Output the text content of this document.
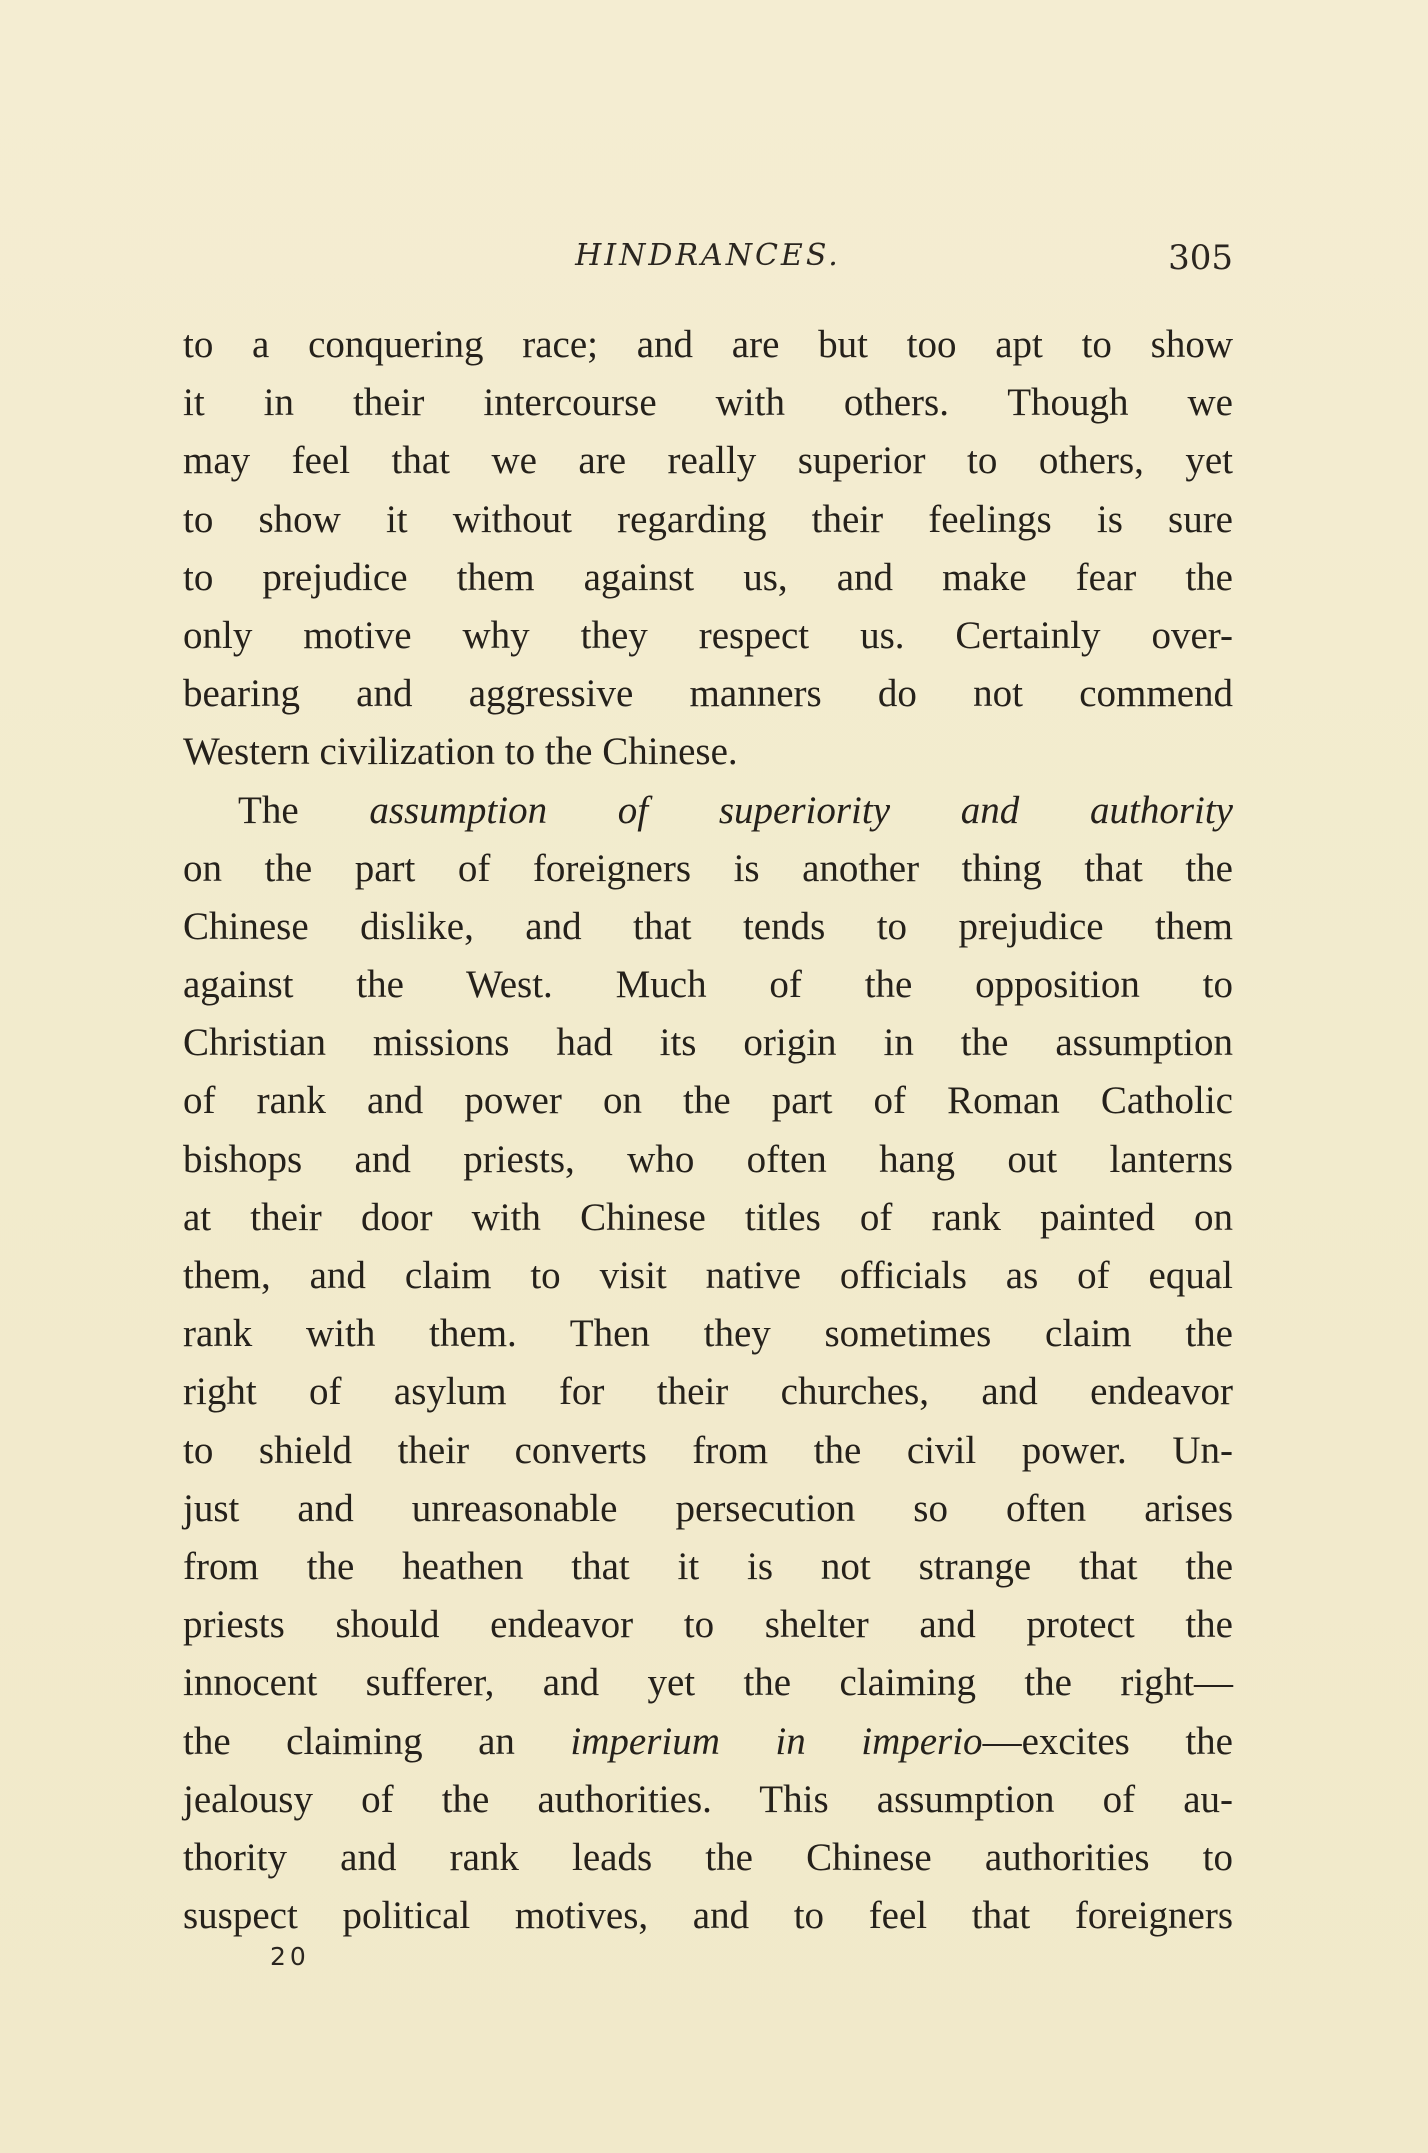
HINDRANCES.	305
to a conquering race; and are but too apt to show
it in their intercourse with others. Though we
may feel that we are really superior to others, yet
to show it without regarding their feelings is sure
to prejudice them against us, and make fear the
only motive why they respect us. Certainly over-
bearing and aggressive manners do not commend
Western civilization to the Chinese.
The assumption of superiority and authority
on the part of foreigners is another thing that the
Chinese dislike, and that tends to prejudice them
against the West. Much of the opposition to
Christian missions had its origin in the assumption
of rank and power on the part of Roman Catholic
bishops and priests, who often hang out lanterns
at their door with Chinese titles of rank painted on
them, and claim to visit native officials as of equal
rank with them. Then they sometimes claim the
right of asylum for their churches, and endeavor
to shield their converts from the civil power. Un-
just and unreasonable persecution so often arises
from the heathen that it is not strange that the
priests should endeavor to shelter and protect the
innocent sufferer, and yet the claiming the right—
the claiming an imperium in imperio—excites the
jealousy of the authorities. This assumption of au-
thority and rank leads the Chinese authorities to
suspect political motives, and to feel that foreigners
20
